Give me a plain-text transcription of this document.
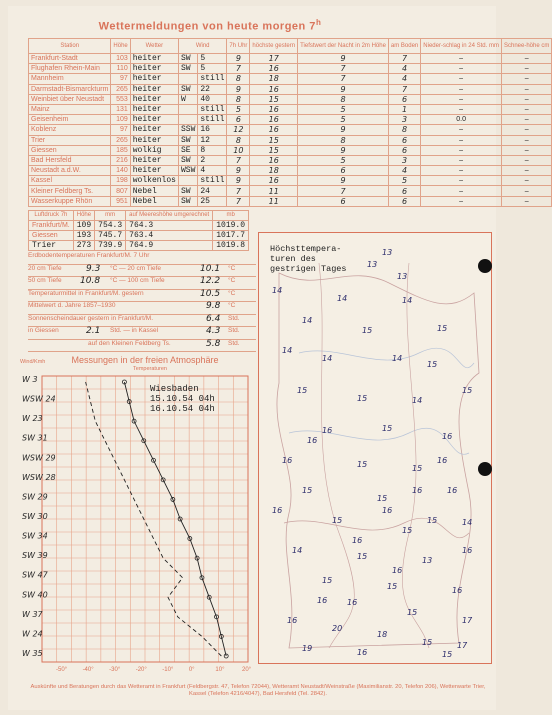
Wettermeldungen von heute morgen 7$^h$
Station	Höhe	Wetter	Wind		7h Uhr	höchste gestern	Tiefstwert der Nacht in 2m Höhe	am Boden	Nieder-schlag in 24 Std. mm	Schnee-höhe cm
Frankfurt-Stadt	103	heiter	SW	5	9	17	9	7	–	–
Flughafen Rhein-Main	110	heiter	SW	5	7	16	7	4	–	–
Mannheim	97	heiter		still	8	18	7	4	–	–
Darmstadt-Bismarckturm	265	heiter	SW	22	9	16	9	7	–	–
Weinbiet über Neustadt	553	heiter	W	40	8	15	8	6	–	–
Mainz	131	heiter		still	5	16	5	1	–	–
Geisenheim	109	heiter		still	6	16	5	3	0.0	–
Koblenz	97	heiter	SSW	16	12	16	9	8	–	–
Trier	265	heiter	SW	12	8	15	8	6	–	–
Giessen	185	wolkig	SE	8	10	15	9	6	–	–
Bad Hersfeld	216	heiter	SW	2	7	16	5	3	–	–
Neustadt a.d.W.	140	heiter	WSW	4	9	18	6	4	–	–
Kassel	198	wolkenlos		still	9	16	9	5	–	–
Kleiner Feldberg Ts.	807	Nebel	SW	24	7	11	7	6	–	–
Wasserkuppe Rhön	951	Nebel	SW	25	7	11	6	6	–	–
Luftdruck 7h	Höhe	mm	auf Meereshöhe umgerechnet	mb
Frankfurt/M.	109	754.3	764.3	1019.0
Giessen	193	745.7	763.4	1017.7
Trier	273	739.9	764.9	1019.8
Erdbodentemperaturen Frankfurt/M. 7 Uhr
20 cm Tiefe	9.3 °C — 20 cm Tiefe	10.1 °C
50 cm Tiefe 10.8 °C — 100 cm Tiefe	12.2 °C
Temperaturmittel in Frankfurt/M. gestern	10.5 °C
Mittelwert d. Jahre 1857–1930	9.8 °C
Sonnenscheindauer gestern in Frankfurt/M.	6.4 Std.
in Giessen	2.1 Std. — in Kassel	4.3 Std.
auf den Kleinen Feldberg Ts.	5.8 Std.
Wind/Kmh	Messungen in der freien Atmosphäre
Temperaturen
W 35
W 24
W 37
SW 40
SW 47
SW 39
SW 34
SW 30
SW 29
WSW 28
WSW 29
SW 31
W 23
WSW 24
W 3
-50°	-40°	-30°	-20°	-10°	0°	10°	20°
Wiesbaden
15.10.54 04h
16.10.54 04h
Höchsttempera-
turen des
gestrigen Tages
13
13
13
14
14	14
14
15	15
14
14	14
15
15
15	14
15
16	15
16
16	15	15
15
15
16
15
15
14
14
15	13
15
15	16
16
15
17
20
18
15
19	16	15
16
16
16
16
16
16
16
15
16
16
16
17
Auskünfte und Beratungen durch das Wetteramt in Frankfurt (Feldbergstr. 47, Telefon 72044), Wetteramt Neustadt/Weinstraße (Maximilianstr. 20, Telefon 206), Wetterwarte Trier, Kassel (Telefon 4216/4047), Bad Hersfeld (Tel. 2842).
